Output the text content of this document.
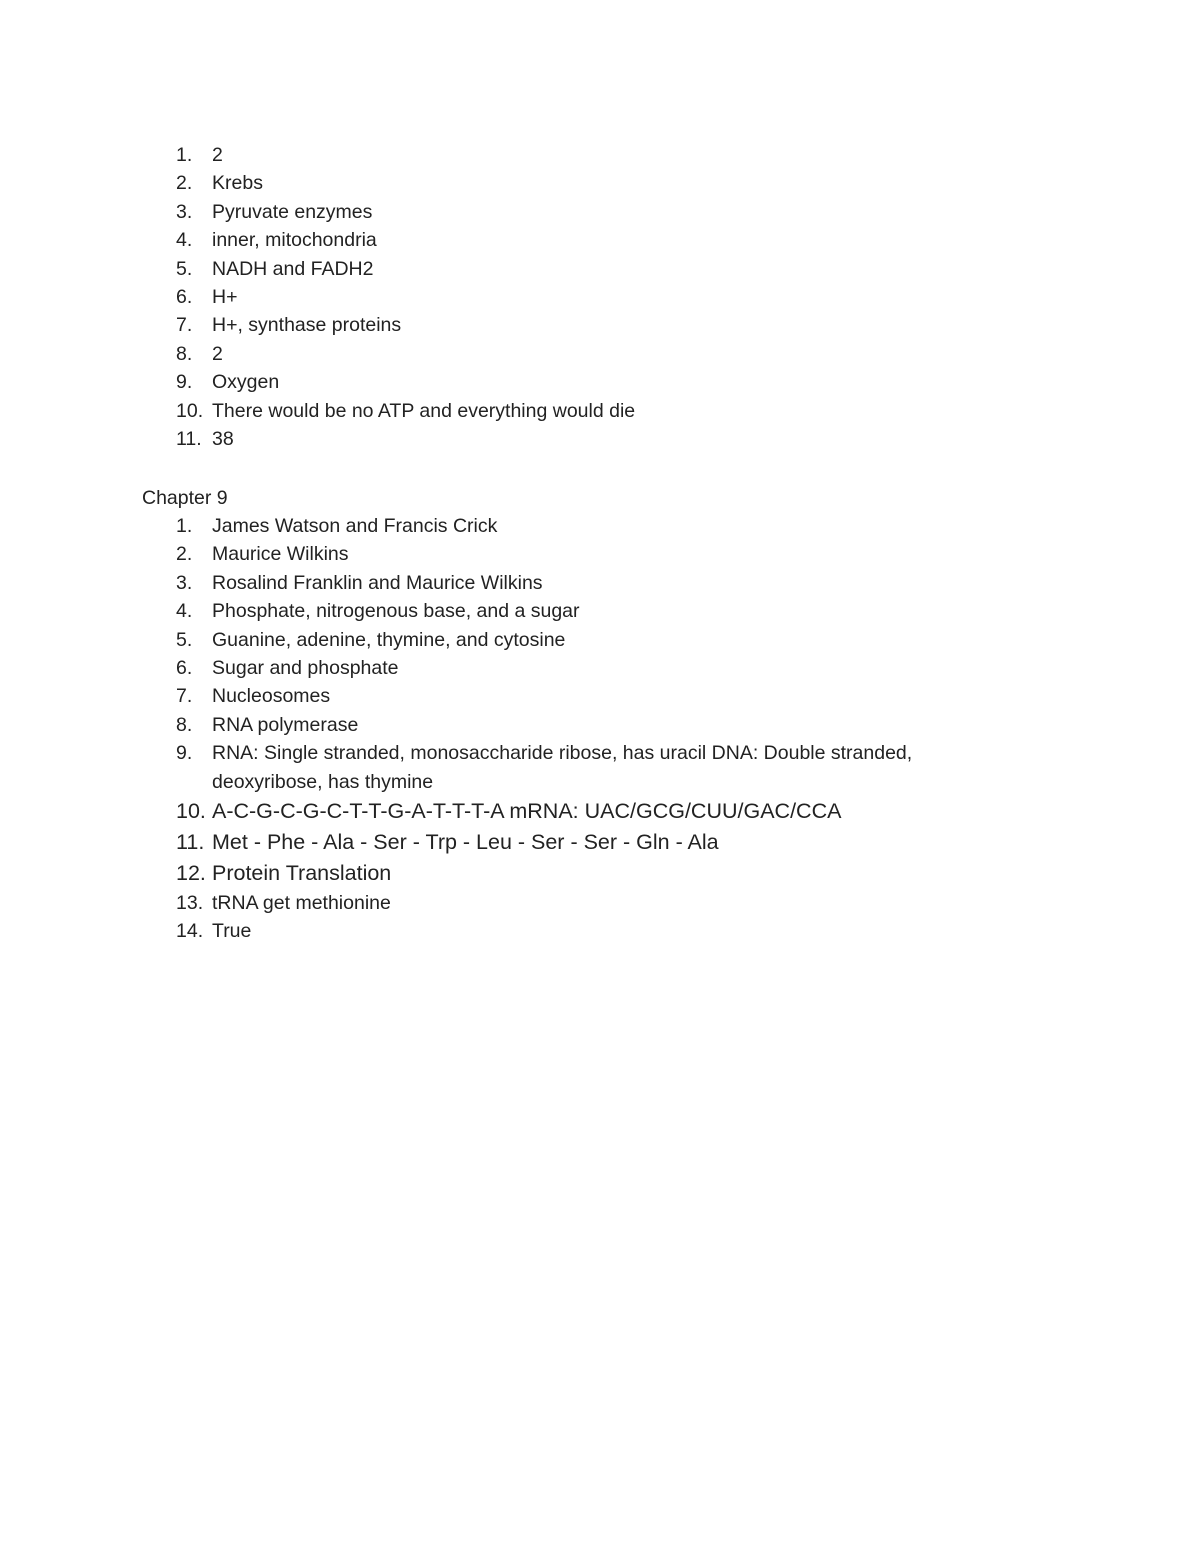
1.	2
2.	Krebs
3.	Pyruvate enzymes
4.	inner, mitochondria
5.	NADH and FADH2
6.	H+
7.	H+, synthase proteins
8.	2
9.	Oxygen
10. There would be no ATP and everything would die
11. 38
Chapter 9
1.	James Watson and Francis Crick
2.	Maurice Wilkins
3.	Rosalind Franklin and Maurice Wilkins
4.	Phosphate, nitrogenous base, and a sugar
5.	Guanine, adenine, thymine, and cytosine
6.	Sugar and phosphate
7.	Nucleosomes
8.	RNA polymerase
9.	RNA: Single stranded, monosaccharide ribose, has uracil DNA: Double stranded, deoxyribose, has thymine
10. A-C-G-C-G-C-T-T-G-A-T-T-T-A mRNA: UAC/GCG/CUU/GAC/CCA
11. Met - Phe - Ala - Ser - Trp - Leu - Ser - Ser - Gln - Ala
12. Protein Translation
13. tRNA get methionine
14. True
